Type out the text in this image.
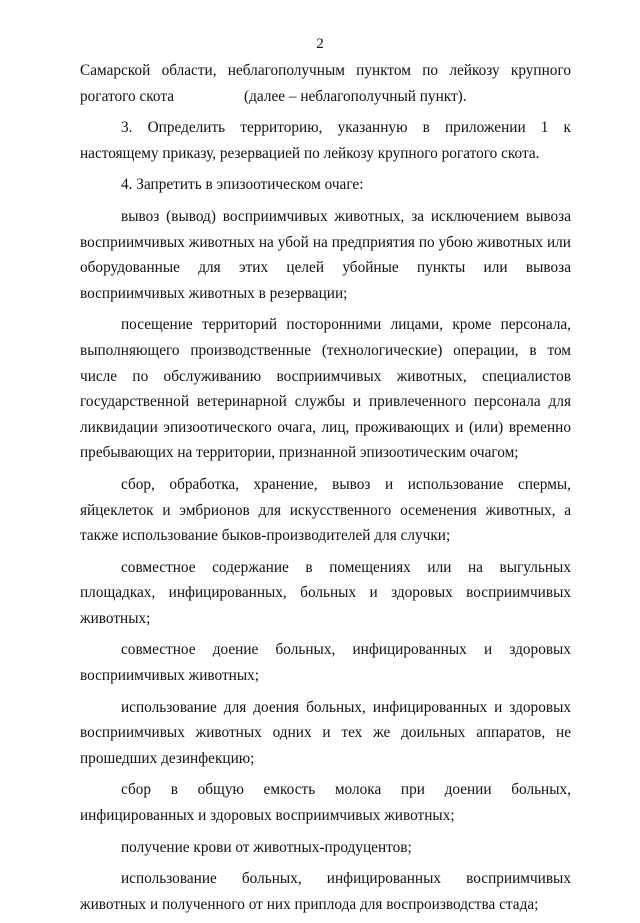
2

Самарской области, неблагополучным пунктом по лейкозу крупного рогатого скота	(далее – неблагополучный пункт).

3. Определить территорию, указанную в приложении 1 к настоящему приказу, резервацией по лейкозу крупного рогатого скота.

4. Запретить в эпизоотическом очаге:

вывоз (вывод) восприимчивых животных, за исключением вывоза восприимчивых животных на убой на предприятия по убою животных или оборудованные для этих целей убойные пункты или вывоза восприимчивых животных в резервации;

посещение территорий посторонними лицами, кроме персонала, выполняющего производственные (технологические) операции, в том числе по обслуживанию восприимчивых животных, специалистов государственной ветеринарной службы и привлеченного персонала для ликвидации эпизоотического очага, лиц, проживающих и (или) временно пребывающих на территории, признанной эпизоотическим очагом;

сбор, обработка, хранение, вывоз и использование спермы, яйцеклеток и эмбрионов для искусственного осеменения животных, а также использование быков-производителей для случки;

совместное содержание в помещениях или на выгульных площадках, инфицированных, больных и здоровых восприимчивых животных;

совместное доение больных, инфицированных и здоровых восприимчивых животных;

использование для доения больных, инфицированных и здоровых восприимчивых животных одних и тех же доильных аппаратов, не прошедших дезинфекцию;

сбор в общую емкость молока при доении больных, инфицированных и здоровых восприимчивых животных;

получение крови от животных-продуцентов;

использование больных, инфицированных восприимчивых животных и полученного от них приплода для воспроизводства стада;
